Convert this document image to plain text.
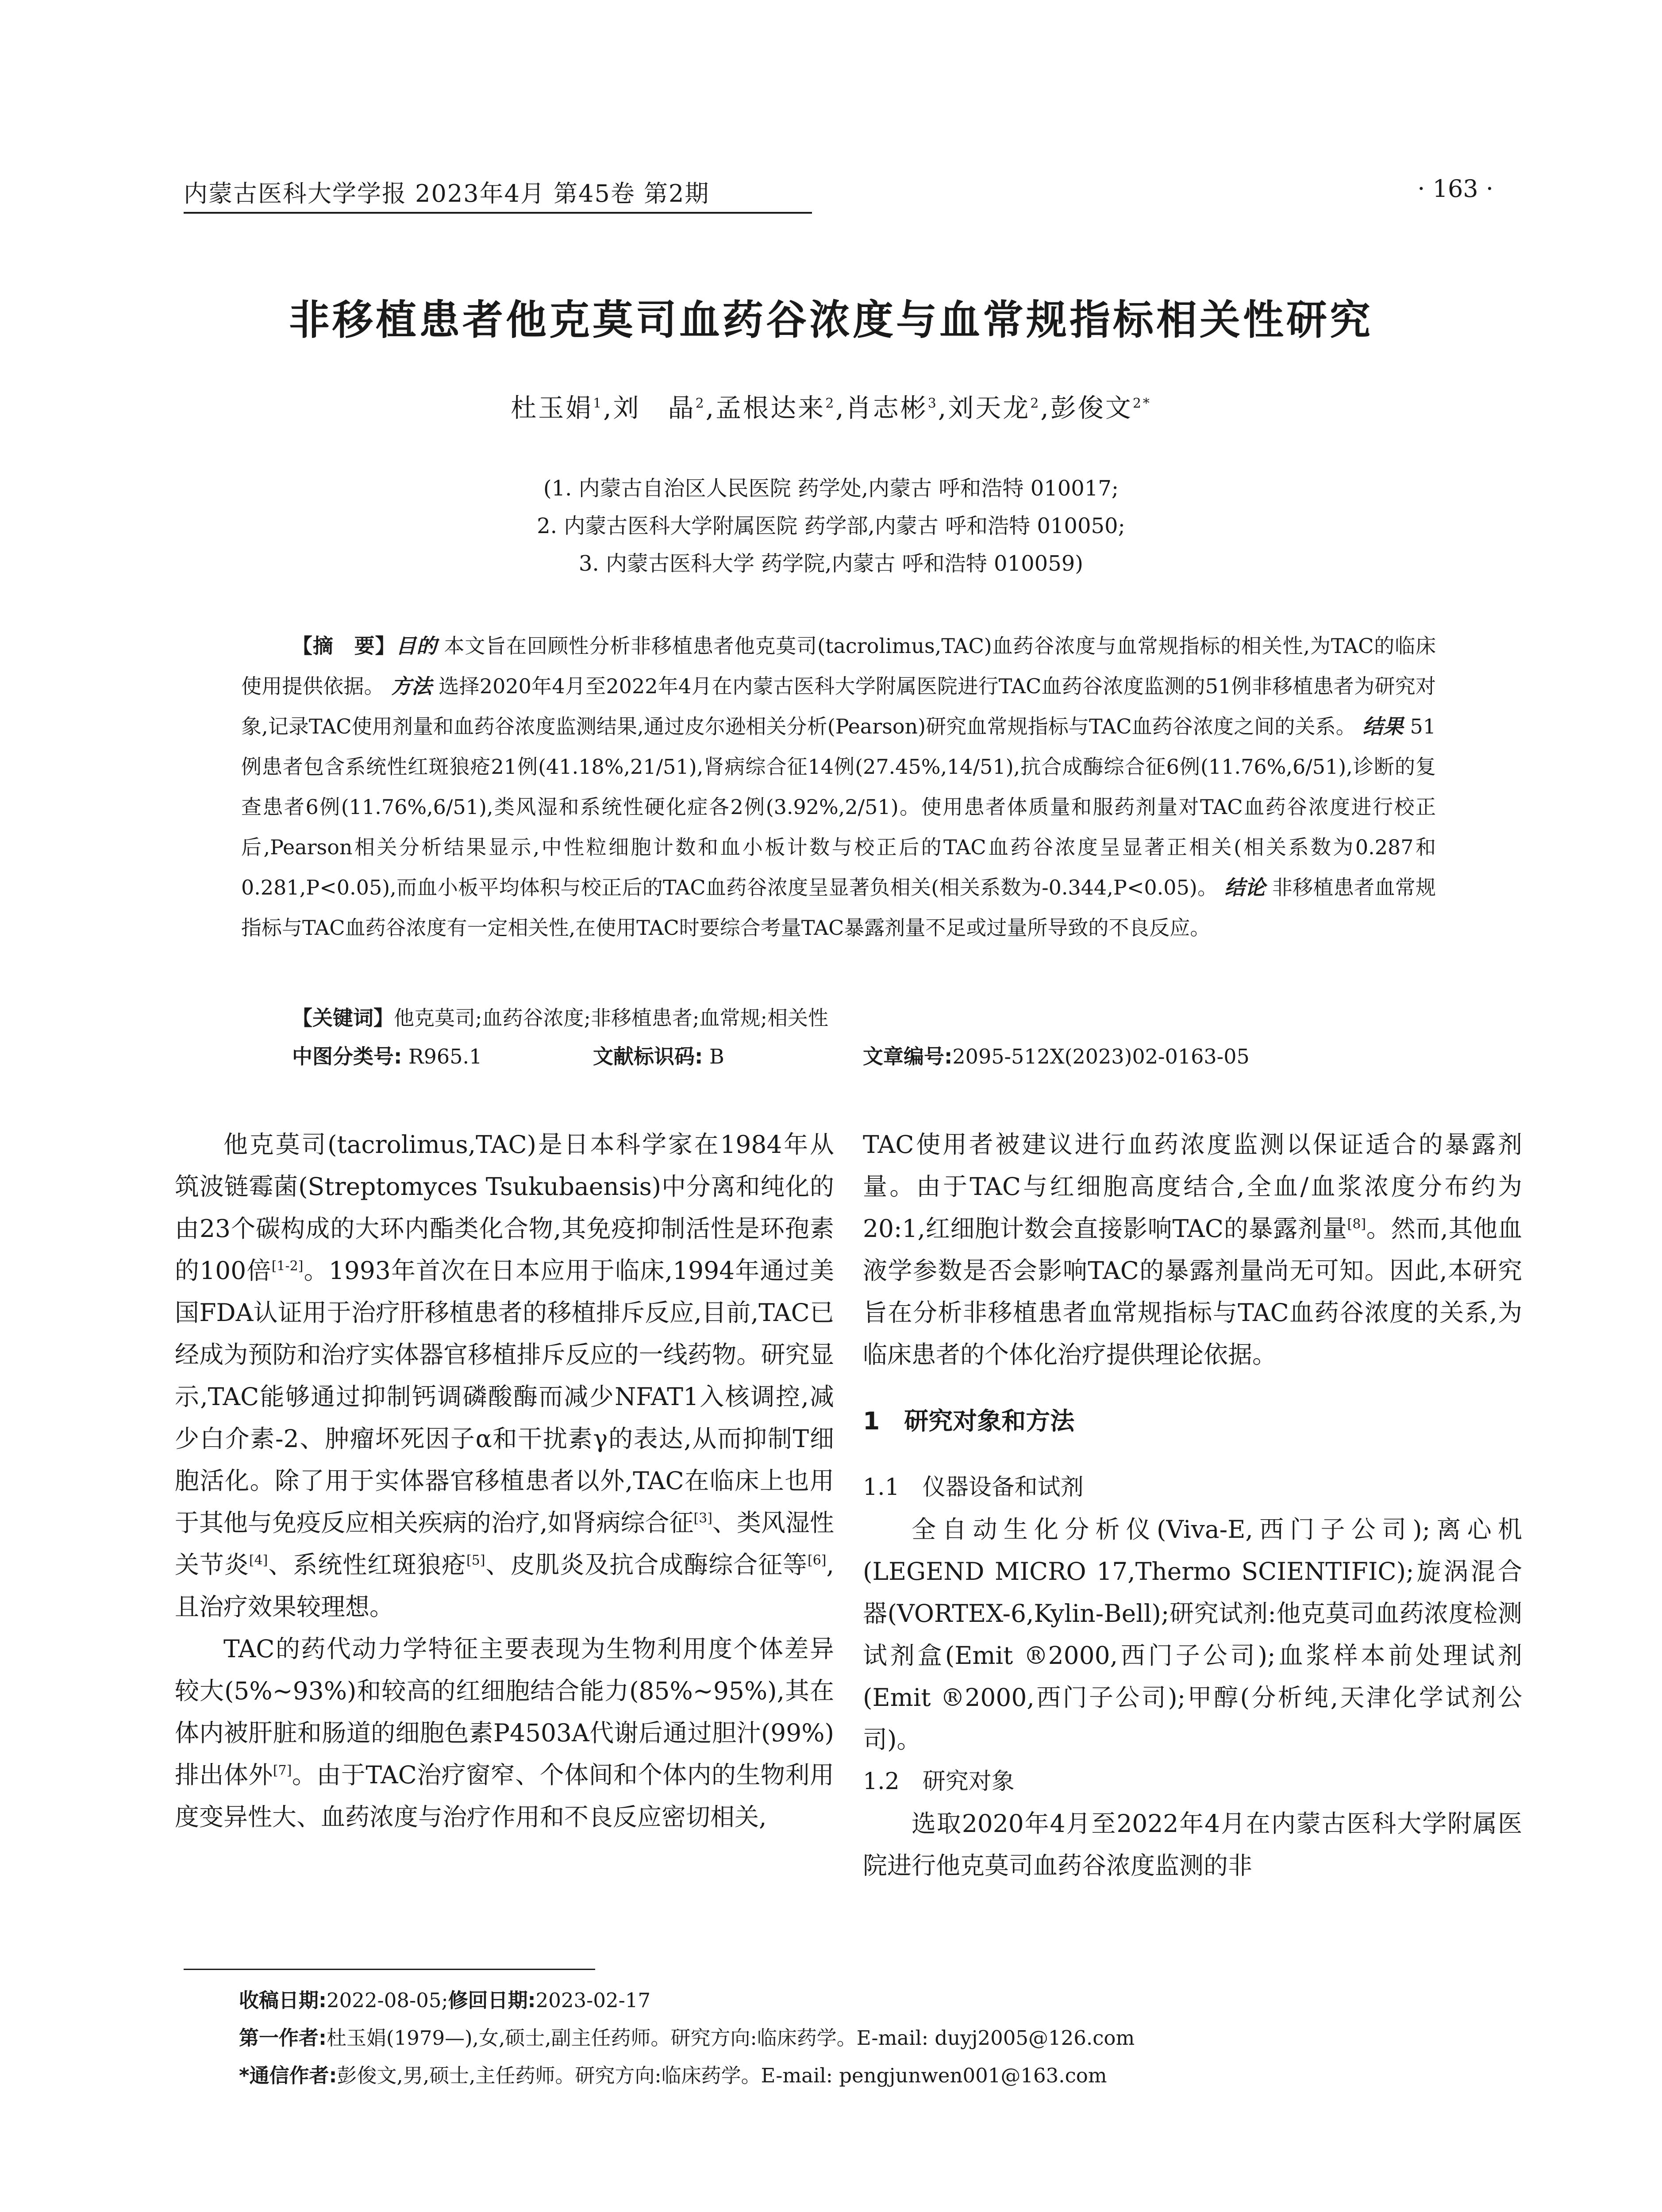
内蒙古医科大学学报 2023年4月 第45卷 第2期	· 163 ·
非移植患者他克莫司血药谷浓度与血常规指标相关性研究
杜玉娟$^1$,刘　晶$^2$,孟根达来$^2$,肖志彬$^3$,刘天龙$^2$,彭俊文$^{2*}$
(1. 内蒙古自治区人民医院 药学处,内蒙古 呼和浩特 010017;
2. 内蒙古医科大学附属医院 药学部,内蒙古 呼和浩特 010050;
3. 内蒙古医科大学 药学院,内蒙古 呼和浩特 010059)

【摘　要】目的 本文旨在回顾性分析非移植患者他克莫司(tacrolimus,TAC)血药谷浓度与血常规指标的相关性,为TAC的临床使用提供依据。 方法 选择2020年4月至2022年4月在内蒙古医科大学附属医院进行TAC血药谷浓度监测的51例非移植患者为研究对象,记录TAC使用剂量和血药谷浓度监测结果,通过皮尔逊相关分析(Pearson)研究血常规指标与TAC血药谷浓度之间的关系。 结果 51例患者包含系统性红斑狼疮21例(41.18%,21/51),肾病综合征14例(27.45%,14/51),抗合成酶综合征6例(11.76%,6/51),诊断的复查患者6例(11.76%,6/51),类风湿和系统性硬化症各2例(3.92%,2/51)。使用患者体质量和服药剂量对TAC血药谷浓度进行校正后,Pearson相关分析结果显示,中性粒细胞计数和血小板计数与校正后的TAC血药谷浓度呈显著正相关(相关系数为0.287和0.281,P<0.05),而血小板平均体积与校正后的TAC血药谷浓度呈显著负相关(相关系数为-0.344,P<0.05)。 结论 非移植患者血常规指标与TAC血药谷浓度有一定相关性,在使用TAC时要综合考量TAC暴露剂量不足或过量所导致的不良反应。

【关键词】他克莫司;血药谷浓度;非移植患者;血常规;相关性
中图分类号: R965.1	文献标识码: B	文章编号:2095-512X(2023)02-0163-05

他克莫司(tacrolimus,TAC)是日本科学家在1984年从筑波链霉菌(Streptomyces Tsukubaensis)中分离和纯化的由23个碳构成的大环内酯类化合物,其免疫抑制活性是环孢素的100倍[1-2]。1993年首次在日本应用于临床,1994年通过美国FDA认证用于治疗肝移植患者的移植排斥反应,目前,TAC已经成为预防和治疗实体器官移植排斥反应的一线药物。研究显示,TAC能够通过抑制钙调磷酸酶而减少NFAT1入核调控,减少白介素-2、肿瘤坏死因子α和干扰素γ的表达,从而抑制T细胞活化。除了用于实体器官移植患者以外,TAC在临床上也用于其他与免疫反应相关疾病的治疗,如肾病综合征[3]、类风湿性关节炎[4]、系统性红斑狼疮[5]、皮肌炎及抗合成酶综合征等[6],且治疗效果较理想。

TAC的药代动力学特征主要表现为生物利用度个体差异较大(5%~93%)和较高的红细胞结合能力(85%~95%),其在体内被肝脏和肠道的细胞色素P4503A代谢后通过胆汁(99%)排出体外[7]。由于TAC治疗窗窄、个体间和个体内的生物利用度变异性大、血药浓度与治疗作用和不良反应密切相关,

TAC使用者被建议进行血药浓度监测以保证适合的暴露剂量。由于TAC与红细胞高度结合,全血/血浆浓度分布约为20:1,红细胞计数会直接影响TAC的暴露剂量[8]。然而,其他血液学参数是否会影响TAC的暴露剂量尚无可知。因此,本研究旨在分析非移植患者血常规指标与TAC血药谷浓度的关系,为临床患者的个体化治疗提供理论依据。

1　研究对象和方法
1.1　仪器设备和试剂

全自动生化分析仪(Viva-E,西门子公司);离心机(LEGEND MICRO 17,Thermo SCIENTIFIC);旋涡混合器(VORTEX-6,Kylin-Bell);研究试剂:他克莫司血药浓度检测试剂盒(Emit ®2000,西门子公司);血浆样本前处理试剂(Emit ®2000,西门子公司);甲醇(分析纯,天津化学试剂公司)。

1.2　研究对象

选取2020年4月至2022年4月在内蒙古医科大学附属医院进行他克莫司血药谷浓度监测的非

收稿日期:2022-08-05;修回日期:2023-02-17
第一作者:杜玉娟(1979—),女,硕士,副主任药师。研究方向:临床药学。E-mail: duyj2005@126.com
*通信作者:彭俊文,男,硕士,主任药师。研究方向:临床药学。E-mail: pengjunwen001@163.com
